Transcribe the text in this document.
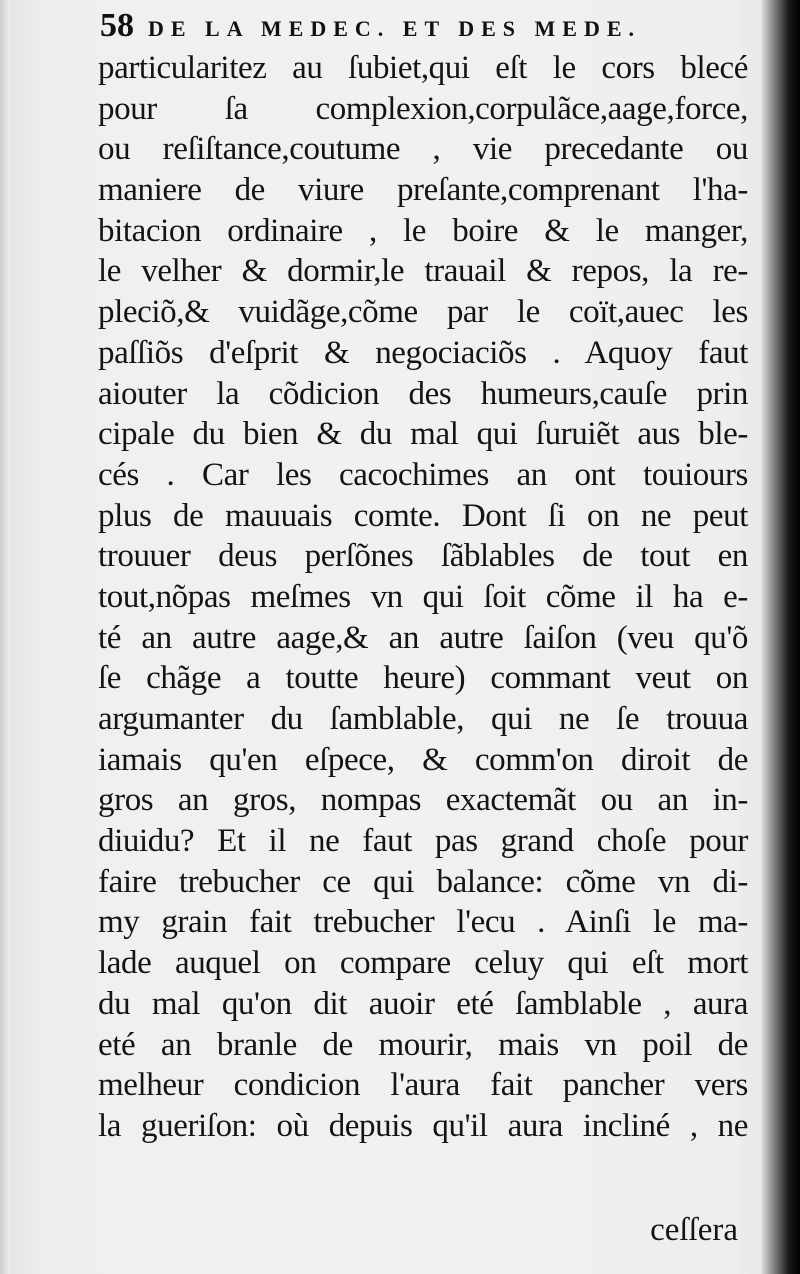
58 DE LA MEDEC. ET DES MEDE.
particularitez au ſubiet,qui eſt le cors blecé
pour ſa complexion,corpulãce,aage,force,
ou reſiſtance,coutume , vie precedante ou
maniere de viure preſante,comprenant l'ha-
bitacion ordinaire , le boire & le manger,
le velher & dormir,le trauail & repos, la re-
pleciõ,& vuidãge,cõme par le coït,auec les
paſſiõs d'eſprit & negociaciõs . Aquoy faut
aiouter la cõdicion des humeurs,cauſe prin
cipale du bien & du mal qui ſuruiẽt aus ble-
cés . Car les cacochimes an ont touiours
plus de mauuais comte. Dont ſi on ne peut
trouuer deus perſõnes ſãblables de tout en
tout,nõpas meſmes vn qui ſoit cõme il ha e-
té an autre aage,& an autre ſaiſon (veu qu'õ
ſe chãge a toutte heure) commant veut on
argumanter du ſamblable, qui ne ſe trouua
iamais qu'en eſpece, & comm'on diroit de
gros an gros, nompas exactemãt ou an in-
diuidu? Et il ne faut pas grand choſe pour
faire trebucher ce qui balance: cõme vn di-
my grain fait trebucher l'ecu . Ainſi le ma-
lade auquel on compare celuy qui eſt mort
du mal qu'on dit auoir eté ſamblable , aura
eté an branle de mourir, mais vn poil de
melheur condicion l'aura fait pancher vers
la gueriſon: où depuis qu'il aura incliné , ne
ceſſera
